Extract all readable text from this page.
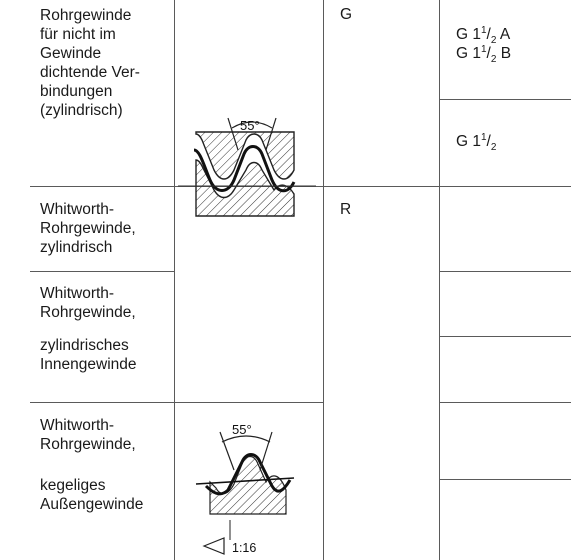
Rohrgewinde
für nicht im
Gewinde
dichtende Ver-
bindungen
(zylindrisch)
Whitworth-
Rohrgewinde,
zylindrisch
Whitworth-
Rohrgewinde,
zylindrisches
Innengewinde
Whitworth-
Rohrgewinde,
kegeliges
Außengewinde
G
R

G $1^1/_2$ A

G $1^1/_2$ B

G $1^1/_2$

55°
55°
1:16
